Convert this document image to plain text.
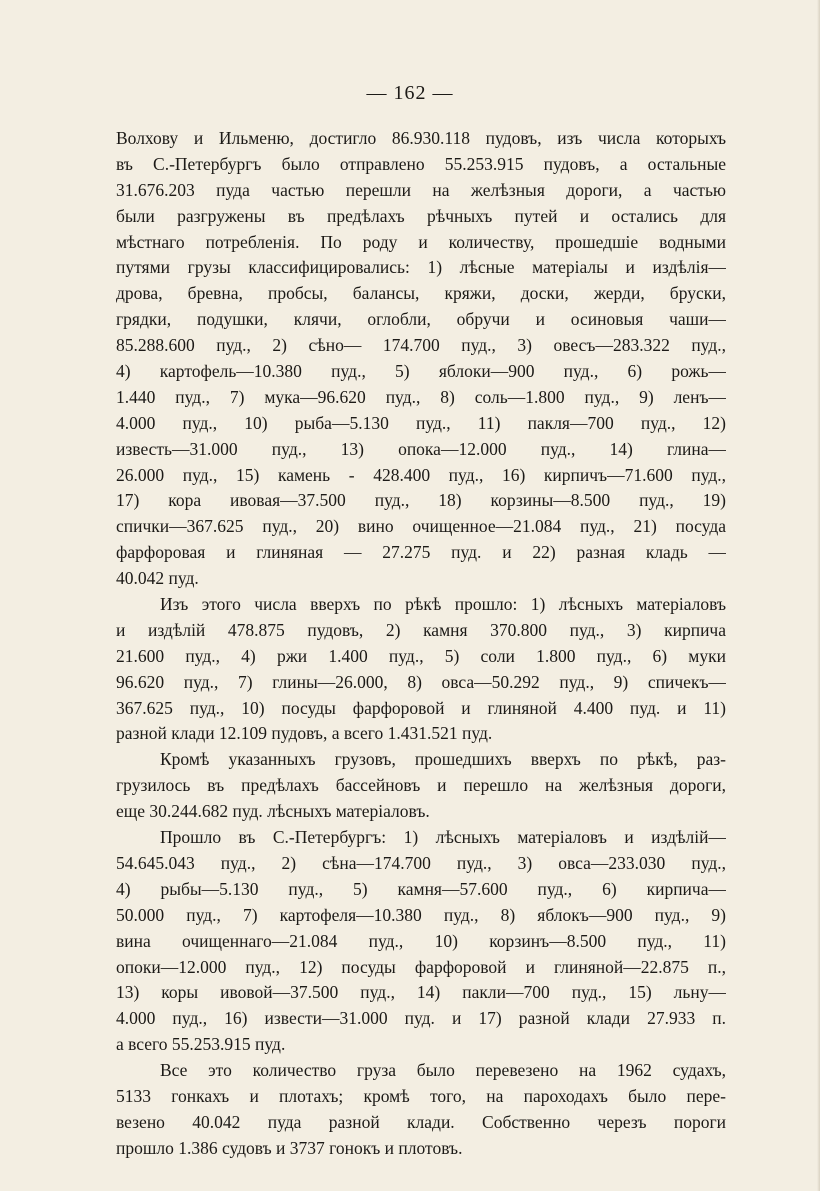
— 162 —
Волхову и Ильменю, достигло 86.930.118 пудовъ, изъ числа которыхъ
въ С.-Петербургъ было отправлено 55.253.915 пудовъ, а остальные
31.676.203 пуда частью перешли на желѣзныя дороги, а частью
были разгружены въ предѣлахъ рѣчныхъ путей и остались для
мѣстнаго потребленія. По роду и количеству, прошедшіе водными
путями грузы классифицировались: 1) лѣсные матеріалы и издѣлія—
дрова, бревна, пробсы, балансы, кряжи, доски, жерди, бруски,
грядки, подушки, клячи, оглобли, обручи и осиновыя чаши—
85.288.600 пуд., 2) сѣно— 174.700 пуд., 3) овесъ—283.322 пуд.,
4) картофель—10.380 пуд., 5) яблоки—900 пуд., 6) рожь—
1.440 пуд., 7) мука—96.620 пуд., 8) соль—1.800 пуд., 9) ленъ—
4.000 пуд., 10) рыба—5.130 пуд., 11) пакля—700 пуд., 12)
известь—31.000 пуд., 13) опока—12.000 пуд., 14) глина—
26.000 пуд., 15) камень - 428.400 пуд., 16) кирпичъ—71.600 пуд.,
17) кора ивовая—37.500 пуд., 18) корзины—8.500 пуд., 19)
спички—367.625 пуд., 20) вино очищенное—21.084 пуд., 21) посуда
фарфоровая и глиняная — 27.275 пуд. и 22) разная кладь —
40.042 пуд.
Изъ этого числа вверхъ по рѣкѣ прошло: 1) лѣсныхъ матеріаловъ
и издѣлій 478.875 пудовъ, 2) камня 370.800 пуд., 3) кирпича
21.600 пуд., 4) ржи 1.400 пуд., 5) соли 1.800 пуд., 6) муки
96.620 пуд., 7) глины—26.000, 8) овса—50.292 пуд., 9) спичекъ—
367.625 пуд., 10) посуды фарфоровой и глиняной 4.400 пуд. и 11)
разной клади 12.109 пудовъ, а всего 1.431.521 пуд.
Кромѣ указанныхъ грузовъ, прошедшихъ вверхъ по рѣкѣ, раз-
грузилось въ предѣлахъ бассейновъ и перешло на желѣзныя дороги,
еще 30.244.682 пуд. лѣсныхъ матеріаловъ.
Прошло въ С.-Петербургъ: 1) лѣсныхъ матеріаловъ и издѣлій—
54.645.043 пуд., 2) сѣна—174.700 пуд., 3) овса—233.030 пуд.,
4) рыбы—5.130 пуд., 5) камня—57.600 пуд., 6) кирпича—
50.000 пуд., 7) картофеля—10.380 пуд., 8) яблокъ—900 пуд., 9)
вина очищеннаго—21.084 пуд., 10) корзинъ—8.500 пуд., 11)
опоки—12.000 пуд., 12) посуды фарфоровой и глиняной—22.875 п.,
13) коры ивовой—37.500 пуд., 14) пакли—700 пуд., 15) льну—
4.000 пуд., 16) извести—31.000 пуд. и 17) разной клади 27.933 п.
а всего 55.253.915 пуд.
Все это количество груза было перевезено на 1962 судахъ,
5133 гонкахъ и плотахъ; кромѣ того, на пароходахъ было пере-
везено 40.042 пуда разной клади. Собственно черезъ пороги
прошло 1.386 судовъ и 3737 гонокъ и плотовъ.
